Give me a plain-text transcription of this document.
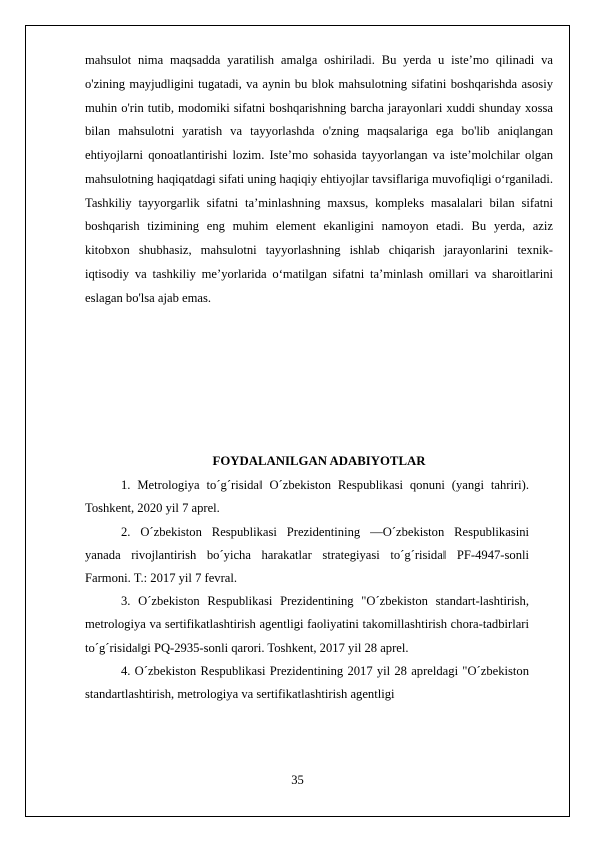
mahsulot nima maqsadda yaratilish amalga oshiriladi. Bu yerda u iste’mo qilinadi va o'zining mayjudligini tugatadi, va aynin bu blok mahsulotning sifatini boshqarishda asosiy muhin o'rin tutib, modomiki sifatni boshqarishning barcha jarayonlari xuddi shunday xossa bilan mahsulotni yaratish va tayyorlashda o'zning maqsalariga ega bo'lib aniqlangan ehtiyojlarni qonoatlantirishi lozim. Iste’mo sohasida tayyorlangan va iste’molchilar olgan mahsulotning haqiqatdagi sifati uning haqiqiy ehtiyojlar tavsiflariga muvofiqligi o‘rganiladi. Tashkiliy tayyorgarlik sifatni ta’minlashning maxsus, kompleks masalalari bilan sifatni boshqarish tizimining eng muhim element ekanligini namoyon etadi. Bu yerda, aziz kitobxon shubhasiz, mahsulotni tayyorlashning ishlab chiqarish jarayonlarini texnik-iqtisodiy va tashkiliy me’yorlarida o‘matilgan sifatni ta’minlash omillari va sharoitlarini eslagan bo'lsa ajab emas.

FOYDALANILGAN ADABIYOTLAR
1. Metrologiya to´g´risida‖ O´zbekiston Respublikasi qonuni (yangi tahriri). Toshkent, 2020 yil 7 aprel.
2. O´zbekiston Respublikasi Prezidentining ―O´zbekiston Respublikasini yanada rivojlantirish bo´yicha harakatlar strategiyasi to´g´risida‖ PF-4947-sonli Farmoni. T.: 2017 yil 7 fevral.
3. O´zbekiston Respublikasi Prezidentining "O´zbekiston standart-lashtirish, metrologiya va sertifikatlashtirish agentligi faoliyatini takomillashtirish chora-tadbirlari to´g´risida‖gi PQ-2935-sonli qarori. Toshkent, 2017 yil 28 aprel.
4. O´zbekiston Respublikasi Prezidentining 2017 yil 28 apreldagi "O´zbekiston standartlashtirish, metrologiya va sertifikatlashtirish agentligi
35
